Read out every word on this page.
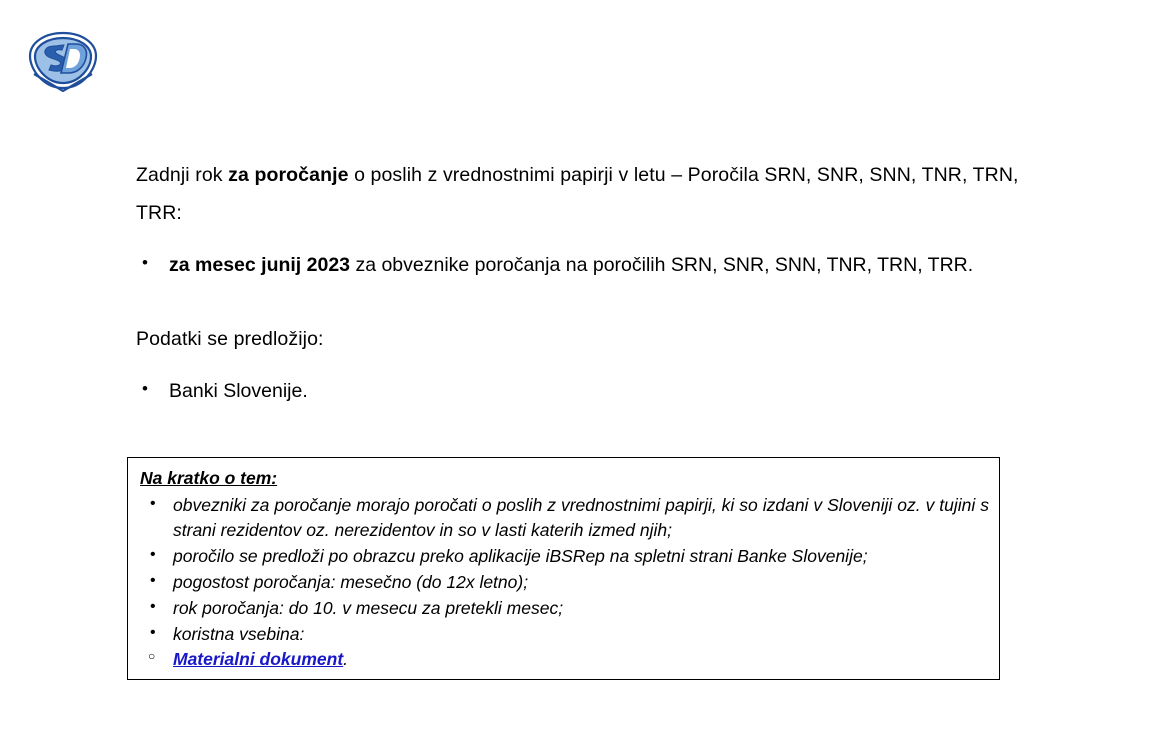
Zadnji rok za poročanje o poslih z vrednostnimi papirji v letu – Poročila SRN, SNR, SNN, TNR, TRN, TRR:

• za mesec junij 2023 za obveznike poročanja na poročilih SRN, SNR, SNN, TNR, TRN, TRR.

Podatki se predložijo:

• Banki Slovenije.
Na kratko o tem:
• obvezniki za poročanje morajo poročati o poslih z vrednostnimi papirji, ki so izdani v Sloveniji oz. v tujini s strani rezidentov oz. nerezidentov in so v lasti katerih izmed njih;
• poročilo se predloži po obrazcu preko aplikacije iBSRep na spletni strani Banke Slovenije;
• pogostost poročanja: mesečno (do 12x letno);
• rok poročanja: do 10. v mesecu za pretekli mesec;
• koristna vsebina:
○ Materialni dokument.
